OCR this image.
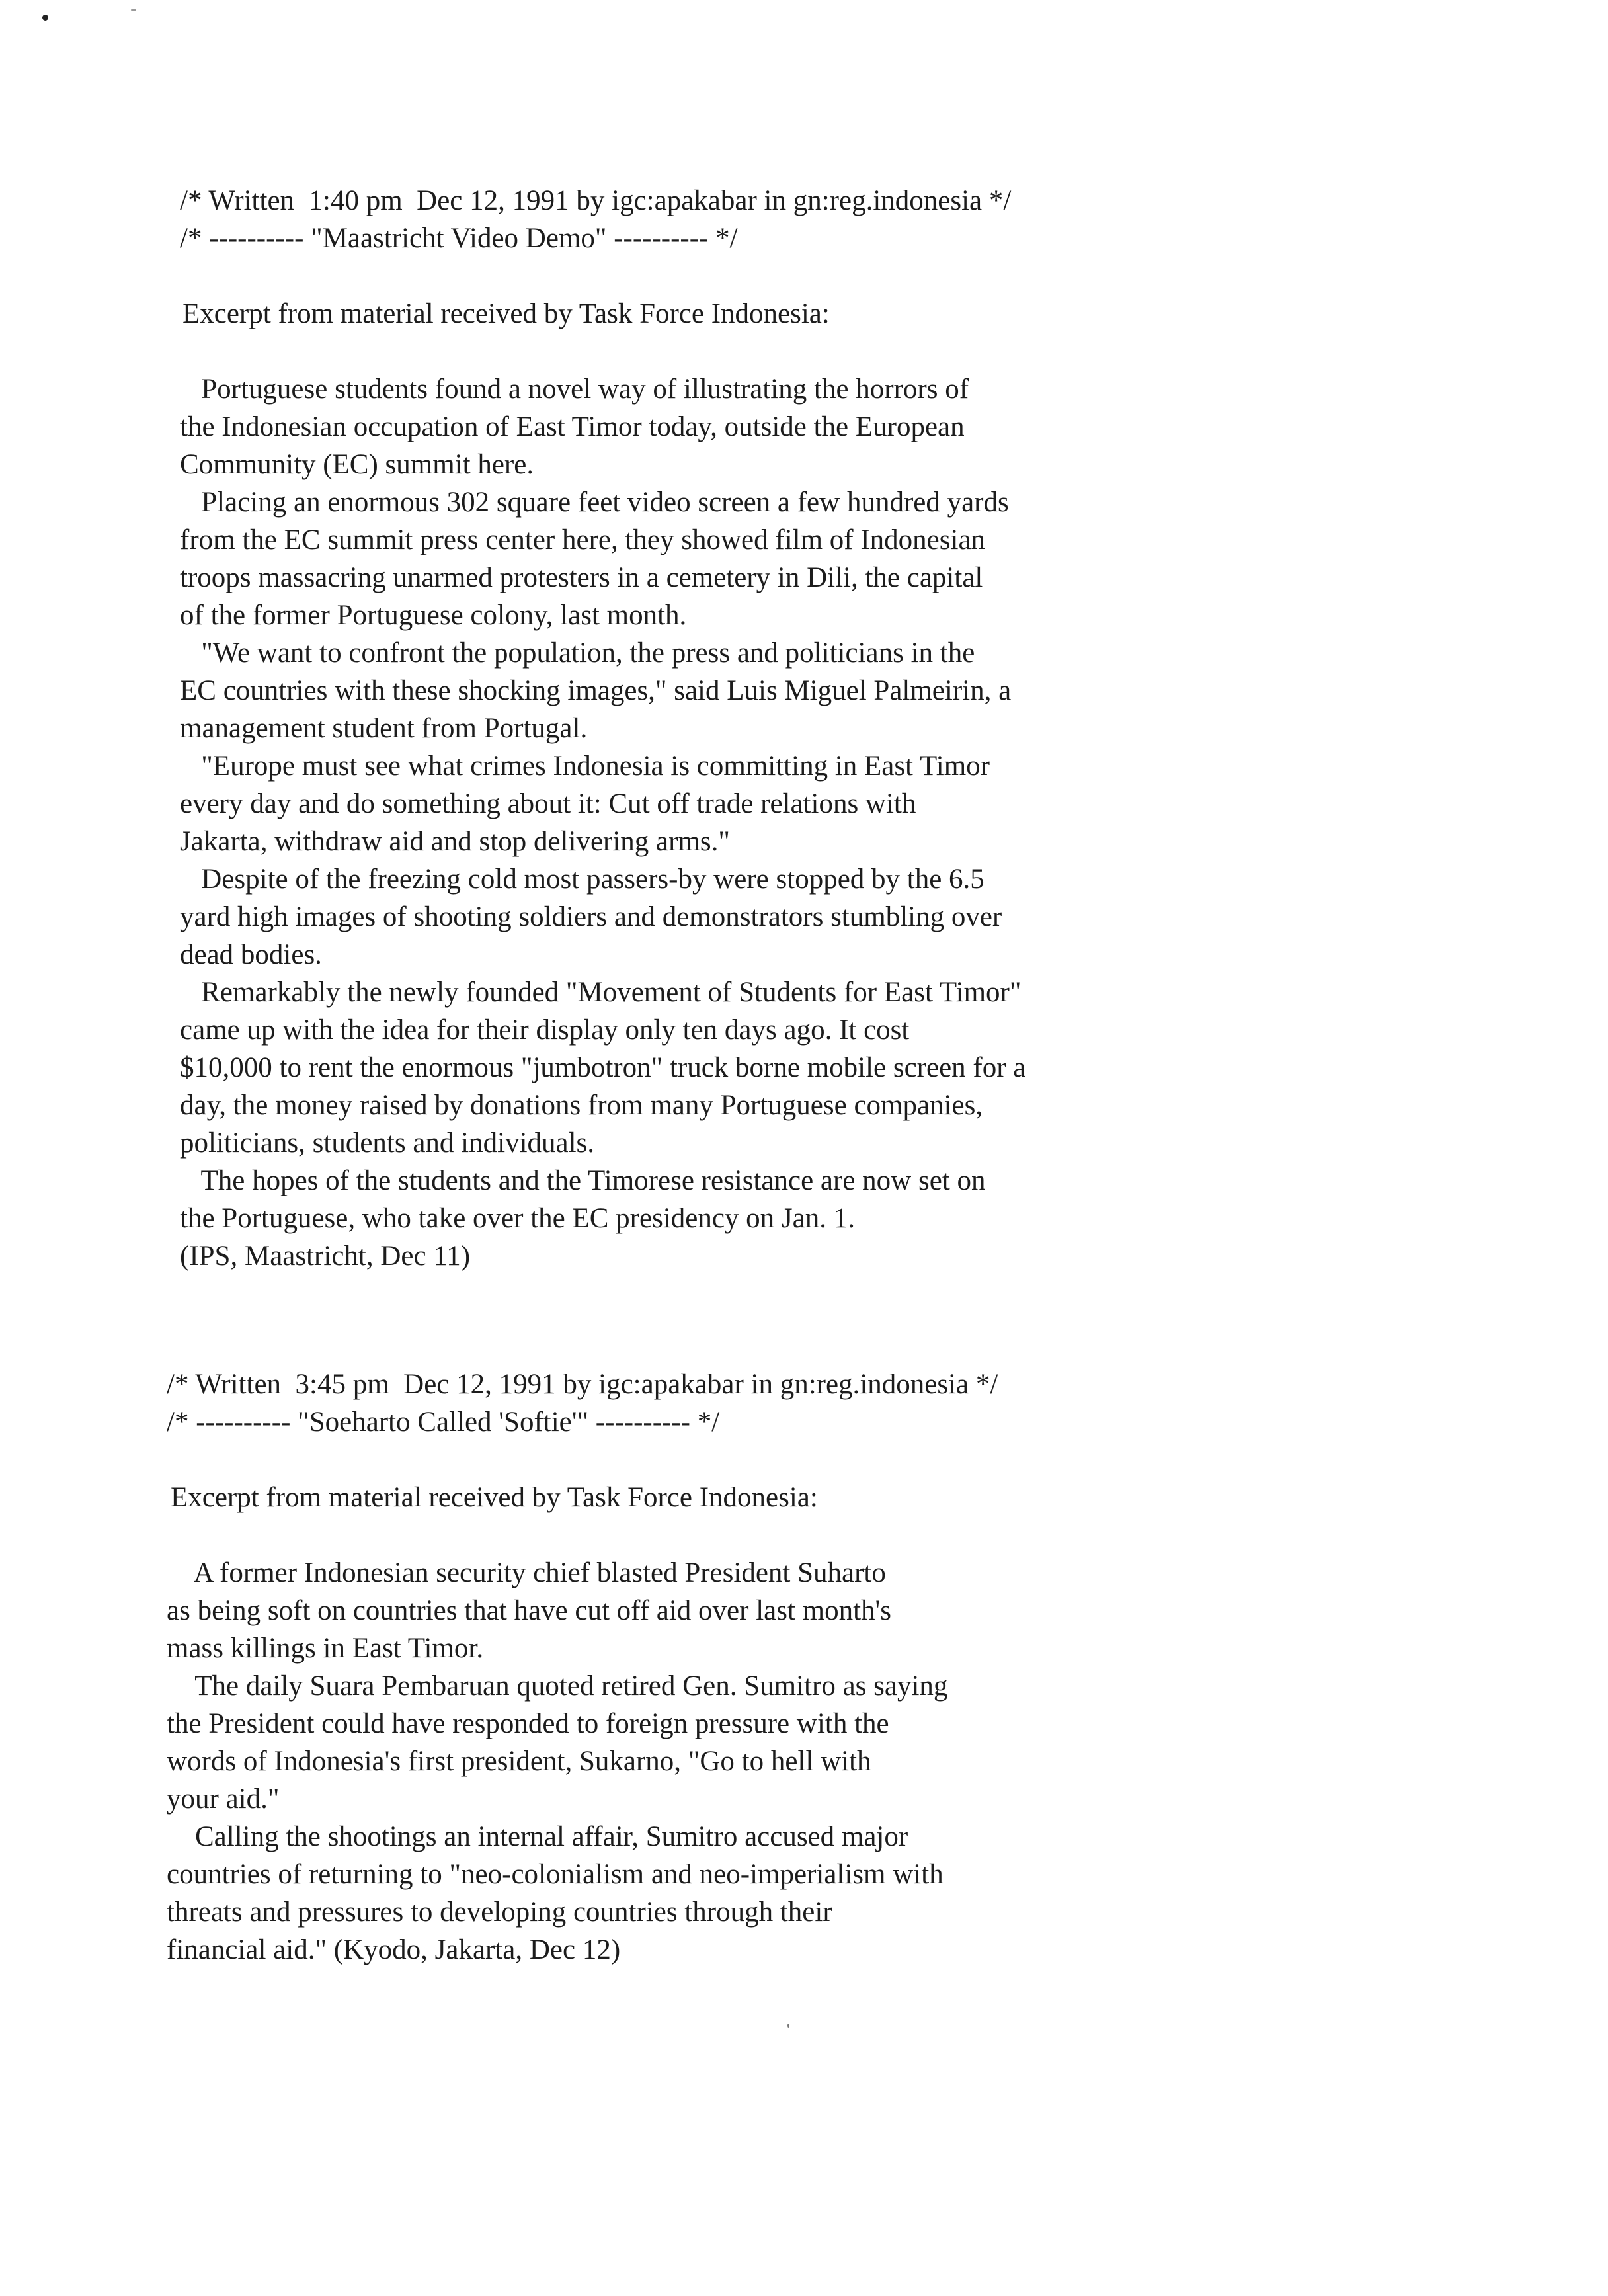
/* Written  1:40 pm  Dec 12, 1991 by igc:apakabar in gn:reg.indonesia */
/* ---------- "Maastricht Video Demo" ---------- */
Excerpt from material received by Task Force Indonesia:
Portuguese students found a novel way of illustrating the horrors of
the Indonesian occupation of East Timor today, outside the European
Community (EC) summit here.
Placing an enormous 302 square feet video screen a few hundred yards
from the EC summit press center here, they showed film of Indonesian
troops massacring unarmed protesters in a cemetery in Dili, the capital
of the former Portuguese colony, last month.
"We want to confront the population, the press and politicians in the
EC countries with these shocking images," said Luis Miguel Palmeirin, a
management student from Portugal.
"Europe must see what crimes Indonesia is committing in East Timor
every day and do something about it: Cut off trade relations with
Jakarta, withdraw aid and stop delivering arms."
Despite of the freezing cold most passers-by were stopped by the 6.5
yard high images of shooting soldiers and demonstrators stumbling over
dead bodies.
Remarkably the newly founded "Movement of Students for East Timor"
came up with the idea for their display only ten days ago. It cost
$10,000 to rent the enormous "jumbotron" truck borne mobile screen for a
day, the money raised by donations from many Portuguese companies,
politicians, students and individuals.
The hopes of the students and the Timorese resistance are now set on
the Portuguese, who take over the EC presidency on Jan. 1.
(IPS, Maastricht, Dec 11)
/* Written  3:45 pm  Dec 12, 1991 by igc:apakabar in gn:reg.indonesia */
/* ---------- "Soeharto Called 'Softie'" ---------- */
Excerpt from material received by Task Force Indonesia:
A former Indonesian security chief blasted President Suharto
as being soft on countries that have cut off aid over last month's
mass killings in East Timor.
The daily Suara Pembaruan quoted retired Gen. Sumitro as saying
the President could have responded to foreign pressure with the
words of Indonesia's first president, Sukarno, "Go to hell with
your aid."
Calling the shootings an internal affair, Sumitro accused major
countries of returning to "neo-colonialism and neo-imperialism with
threats and pressures to developing countries through their
financial aid." (Kyodo, Jakarta, Dec 12)
